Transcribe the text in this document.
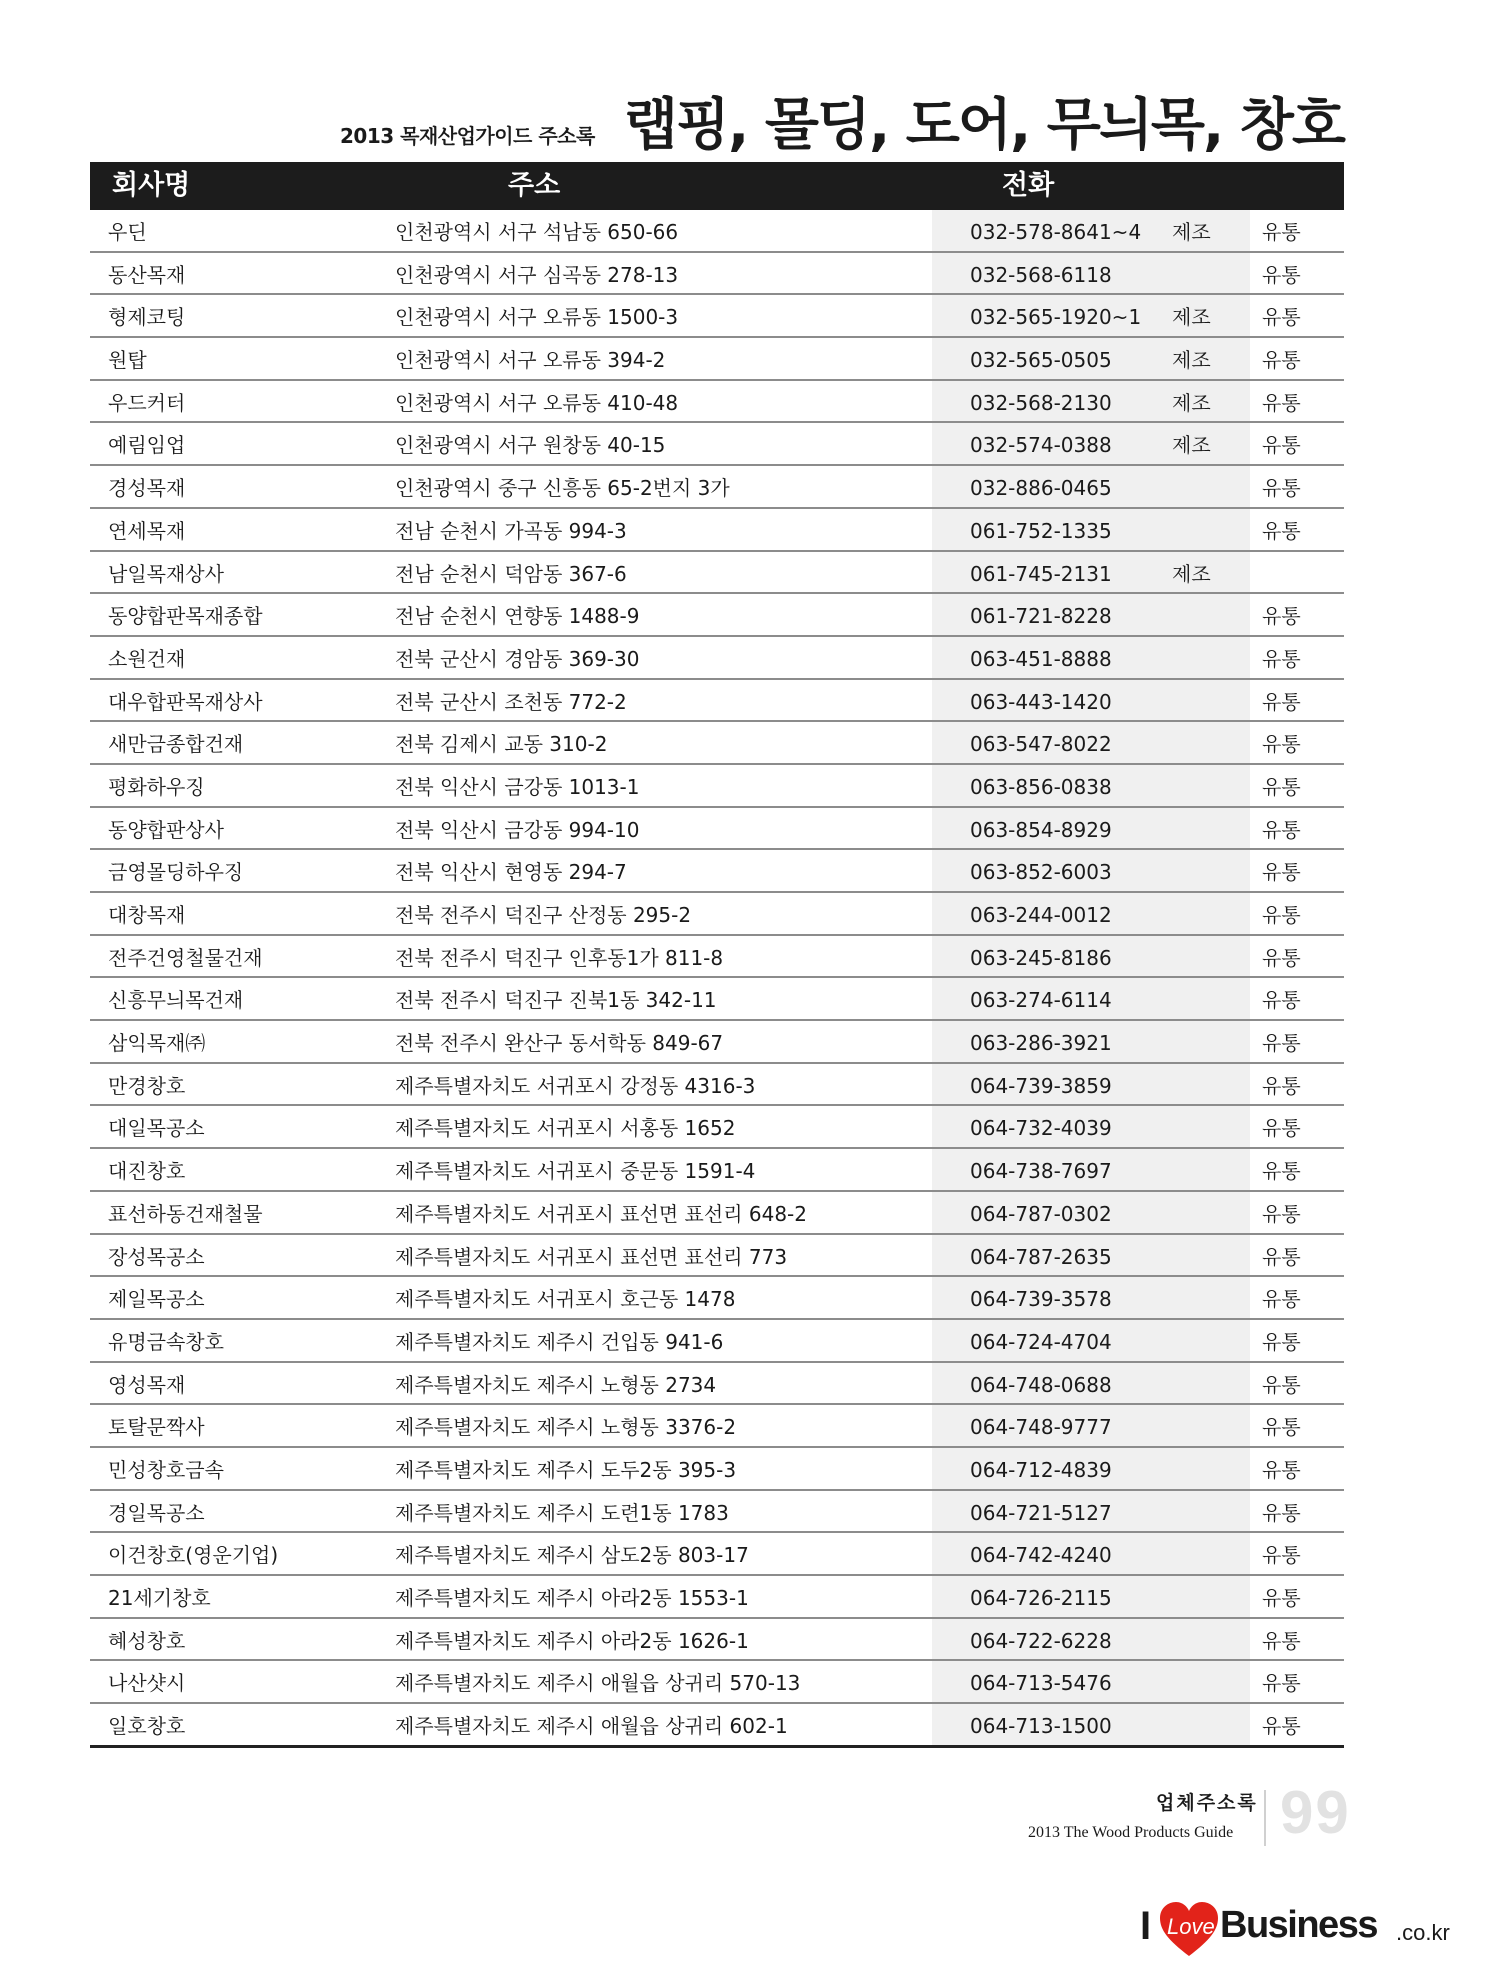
2013 목재산업가이드 주소록 랩핑, 몰딩, 도어, 무늬목, 창호
회사명	주소	전화
우딘	인천광역시 서구 석남동 650-66	032-578-8641~4 제조	유통
동산목재	인천광역시 서구 심곡동 278-13	032-568-6118	유통
형제코팅	인천광역시 서구 오류동 1500-3	032-565-1920~1 제조	유통
원탑	인천광역시 서구 오류동 394-2	032-565-0505	제조	유통
우드커터	인천광역시 서구 오류동 410-48	032-568-2130	제조	유통
예림임업	인천광역시 서구 원창동 40-15	032-574-0388	제조	유통
경성목재	인천광역시 중구 신흥동 65-2번지 3가	032-886-0465	유통
연세목재	전남 순천시 가곡동 994-3	061-752-1335	유통
남일목재상사	전남 순천시 덕암동 367-6	061-745-2131	제조
동양합판목재종합	전남 순천시 연향동 1488-9	061-721-8228	유통
소원건재	전북 군산시 경암동 369-30	063-451-8888	유통
대우합판목재상사	전북 군산시 조천동 772-2	063-443-1420	유통
새만금종합건재	전북 김제시 교동 310-2	063-547-8022	유통
평화하우징	전북 익산시 금강동 1013-1	063-856-0838	유통
동양합판상사	전북 익산시 금강동 994-10	063-854-8929	유통
금영몰딩하우징	전북 익산시 현영동 294-7	063-852-6003	유통
대창목재	전북 전주시 덕진구 산정동 295-2	063-244-0012	유통
전주건영철물건재	전북 전주시 덕진구 인후동1가 811-8	063-245-8186	유통
신흥무늬목건재	전북 전주시 덕진구 진북1동 342-11	063-274-6114	유통
삼익목재㈜	전북 전주시 완산구 동서학동 849-67	063-286-3921	유통
만경창호	제주특별자치도 서귀포시 강정동 4316-3	064-739-3859	유통
대일목공소	제주특별자치도 서귀포시 서홍동 1652	064-732-4039	유통
대진창호	제주특별자치도 서귀포시 중문동 1591-4	064-738-7697	유통
표선하동건재철물	제주특별자치도 서귀포시 표선면 표선리 648-2	064-787-0302	유통
장성목공소	제주특별자치도 서귀포시 표선면 표선리 773	064-787-2635	유통
제일목공소	제주특별자치도 서귀포시 호근동 1478	064-739-3578	유통
유명금속창호	제주특별자치도 제주시 건입동 941-6	064-724-4704	유통
영성목재	제주특별자치도 제주시 노형동 2734	064-748-0688	유통
토탈문짝사	제주특별자치도 제주시 노형동 3376-2	064-748-9777	유통
민성창호금속	제주특별자치도 제주시 도두2동 395-3	064-712-4839	유통
경일목공소	제주특별자치도 제주시 도련1동 1783	064-721-5127	유통
이건창호(영운기업)	제주특별자치도 제주시 삼도2동 803-17	064-742-4240	유통
21세기창호	제주특별자치도 제주시 아라2동 1553-1	064-726-2115	유통
혜성창호	제주특별자치도 제주시 아라2동 1626-1	064-722-6228	유통
나산샷시	제주특별자치도 제주시 애월읍 상귀리 570-13	064-713-5476	유통
일호창호	제주특별자치도 제주시 애월읍 상귀리 602-1	064-713-1500	유통
업체주소록
2013 The Wood Products Guide 99
I Love Business .co.kr
